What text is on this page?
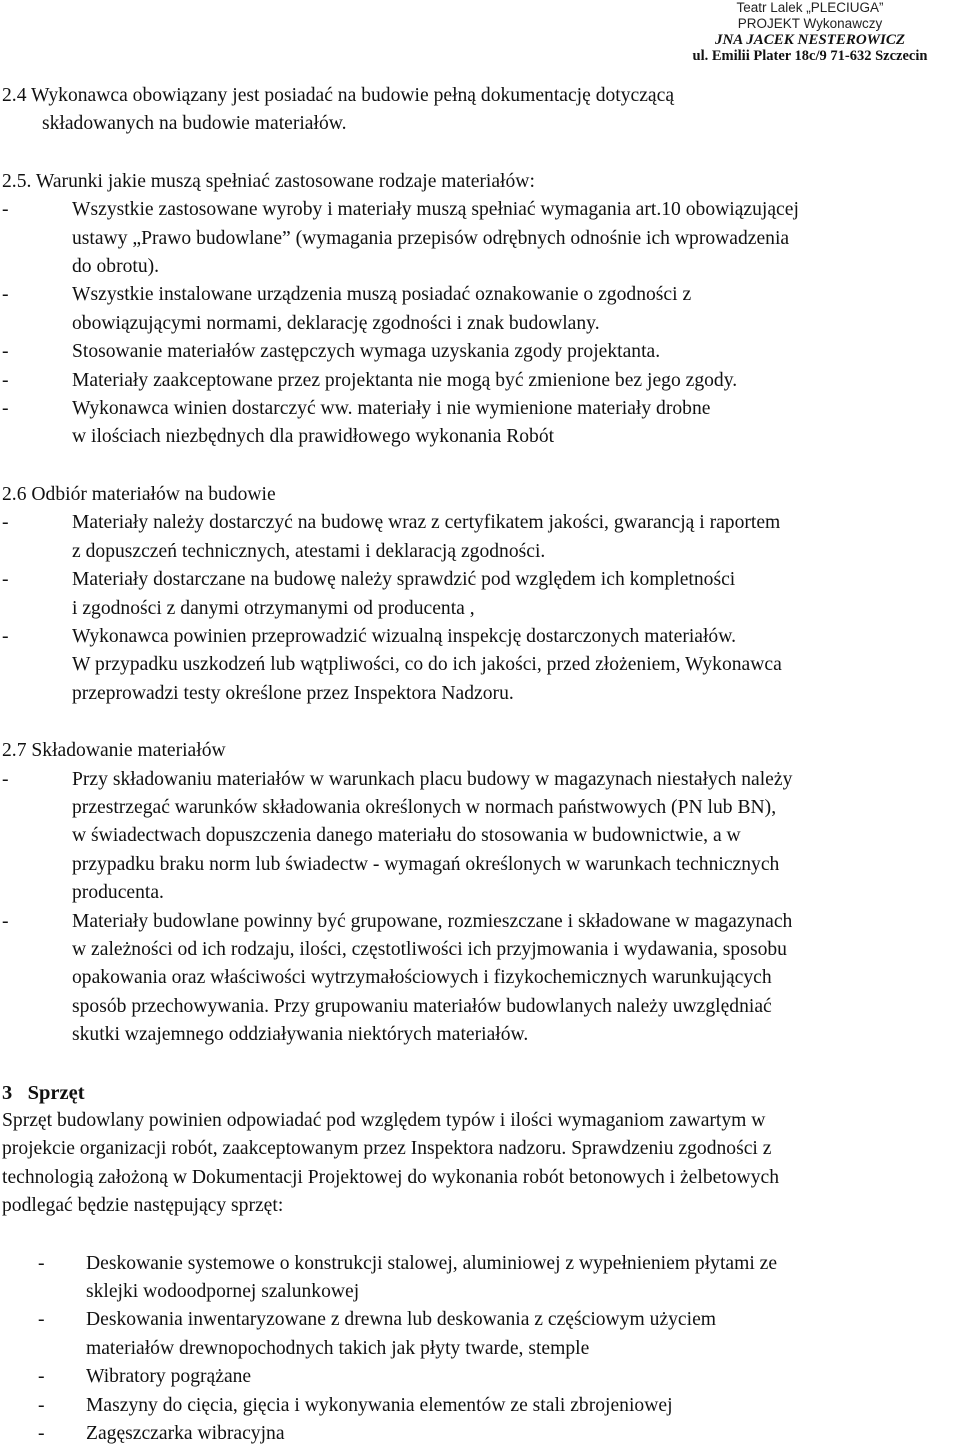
Teatr Lalek „PLECIUGA”
PROJEKT Wykonawczy
JNA JACEK NESTEROWICZ
ul. Emilii Plater 18c/9 71-632 Szczecin

2.4 Wykonawca obowiązany jest posiadać na budowie pełną dokumentację dotyczącą

składowanych na budowie materiałów.

2.5. Warunki jakie muszą spełniać zastosowane rodzaje materiałów:

-	Wszystkie zastosowane wyroby i materiały muszą spełniać wymagania art.10 obowiązującej

ustawy „Prawo budowlane” (wymagania przepisów odrębnych odnośnie ich wprowadzenia

do obrotu).

-	Wszystkie instalowane urządzenia muszą posiadać oznakowanie o zgodności z

obowiązującymi normami, deklarację zgodności i znak budowlany.

-	Stosowanie materiałów zastępczych wymaga uzyskania zgody projektanta.

-	Materiały zaakceptowane przez projektanta nie mogą być zmienione bez jego zgody.

-	Wykonawca winien dostarczyć ww. materiały i nie wymienione materiały drobne

w ilościach niezbędnych dla prawidłowego wykonania Robót

2.6 Odbiór materiałów na budowie

-	Materiały należy dostarczyć na budowę wraz z certyfikatem jakości, gwarancją i raportem

z dopuszczeń technicznych, atestami i deklaracją zgodności.

-	Materiały dostarczane na budowę należy sprawdzić pod względem ich kompletności

i zgodności z danymi otrzymanymi od producenta ,

-	Wykonawca powinien przeprowadzić wizualną inspekcję dostarczonych materiałów.

W przypadku uszkodzeń lub wątpliwości, co do ich jakości, przed złożeniem, Wykonawca

przeprowadzi testy określone przez Inspektora Nadzoru.

2.7 Składowanie materiałów

-	Przy składowaniu materiałów w warunkach placu budowy w magazynach niestałych należy

przestrzegać warunków składowania określonych w normach państwowych (PN lub BN),

w świadectwach dopuszczenia danego materiału do stosowania w budownictwie, a w

przypadku braku norm lub świadectw - wymagań określonych w warunkach technicznych

producenta.

-	Materiały budowlane powinny być grupowane, rozmieszczane i składowane w magazynach

w zależności od ich rodzaju, ilości, częstotliwości ich przyjmowania i wydawania, sposobu

opakowania oraz właściwości wytrzymałościowych i fizykochemicznych warunkujących

sposób przechowywania. Przy grupowaniu materiałów budowlanych należy uwzględniać

skutki wzajemnego oddziaływania niektórych materiałów.

3 Sprzęt

Sprzęt budowlany powinien odpowiadać pod względem typów i ilości wymaganiom zawartym w

projekcie organizacji robót, zaakceptowanym przez Inspektora nadzoru. Sprawdzeniu zgodności z

technologią założoną w Dokumentacji Projektowej do wykonania robót betonowych i żelbetowych

podlegać będzie następujący sprzęt:

-	Deskowanie systemowe o konstrukcji stalowej, aluminiowej z wypełnieniem płytami ze

sklejki wodoodpornej szalunkowej

-	Deskowania inwentaryzowane z drewna lub deskowania z częściowym użyciem

materiałów drewnopochodnych takich jak płyty twarde, stemple

-	Wibratory pogrążane

-	Maszyny do cięcia, gięcia i wykonywania elementów ze stali zbrojeniowej

-	Zagęszczarka wibracyjna
